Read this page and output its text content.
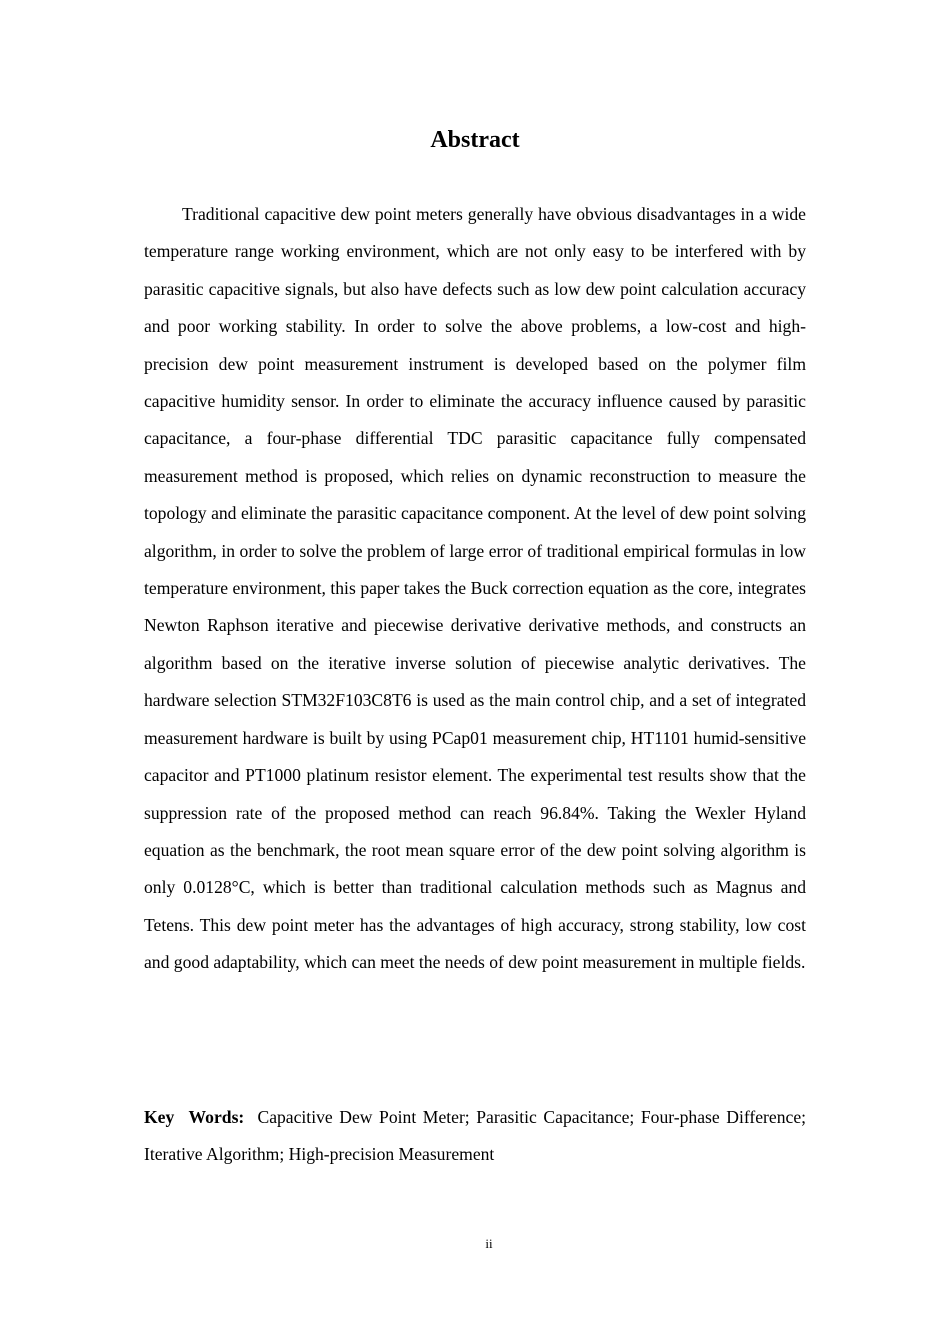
Abstract

Traditional capacitive dew point meters generally have obvious disadvantages in a wide temperature range working environment, which are not only easy to be interfered with by parasitic capacitive signals, but also have defects such as low dew point calculation accuracy and poor working stability. In order to solve the above problems, a low-cost and high-precision dew point measurement instrument is developed based on the polymer film capacitive humidity sensor. In order to eliminate the accuracy influence caused by parasitic capacitance, a four-phase differential TDC parasitic capacitance fully compensated measurement method is proposed, which relies on dynamic reconstruction to measure the topology and eliminate the parasitic capacitance component. At the level of dew point solving algorithm, in order to solve the problem of large error of traditional empirical formulas in low temperature environment, this paper takes the Buck correction equation as the core, integrates Newton Raphson iterative and piecewise derivative derivative methods, and constructs an algorithm based on the iterative inverse solution of piecewise analytic derivatives. The hardware selection STM32F103C8T6 is used as the main control chip, and a set of integrated measurement hardware is built by using PCap01 measurement chip, HT1101 humid-sensitive capacitor and PT1000 platinum resistor element. The experimental test results show that the suppression rate of the proposed method can reach 96.84%. Taking the Wexler Hyland equation as the benchmark, the root mean square error of the dew point solving algorithm is only 0.0128°C, which is better than traditional calculation methods such as Magnus and Tetens. This dew point meter has the advantages of high accuracy, strong stability, low cost and good adaptability, which can meet the needs of dew point measurement in multiple fields.

Key Words: Capacitive Dew Point Meter; Parasitic Capacitance; Four-phase Difference; Iterative Algorithm; High-precision Measurement

ii
